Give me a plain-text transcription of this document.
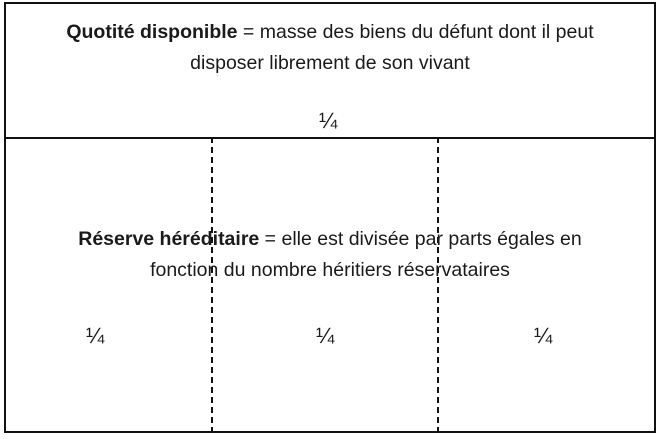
Quotité disponible = masse des biens du défunt dont il peut
disposer librement de son vivant
¼
Réserve héréditaire = elle est divisée par parts égales en
fonction du nombre héritiers réservataires
¼	¼	¼
